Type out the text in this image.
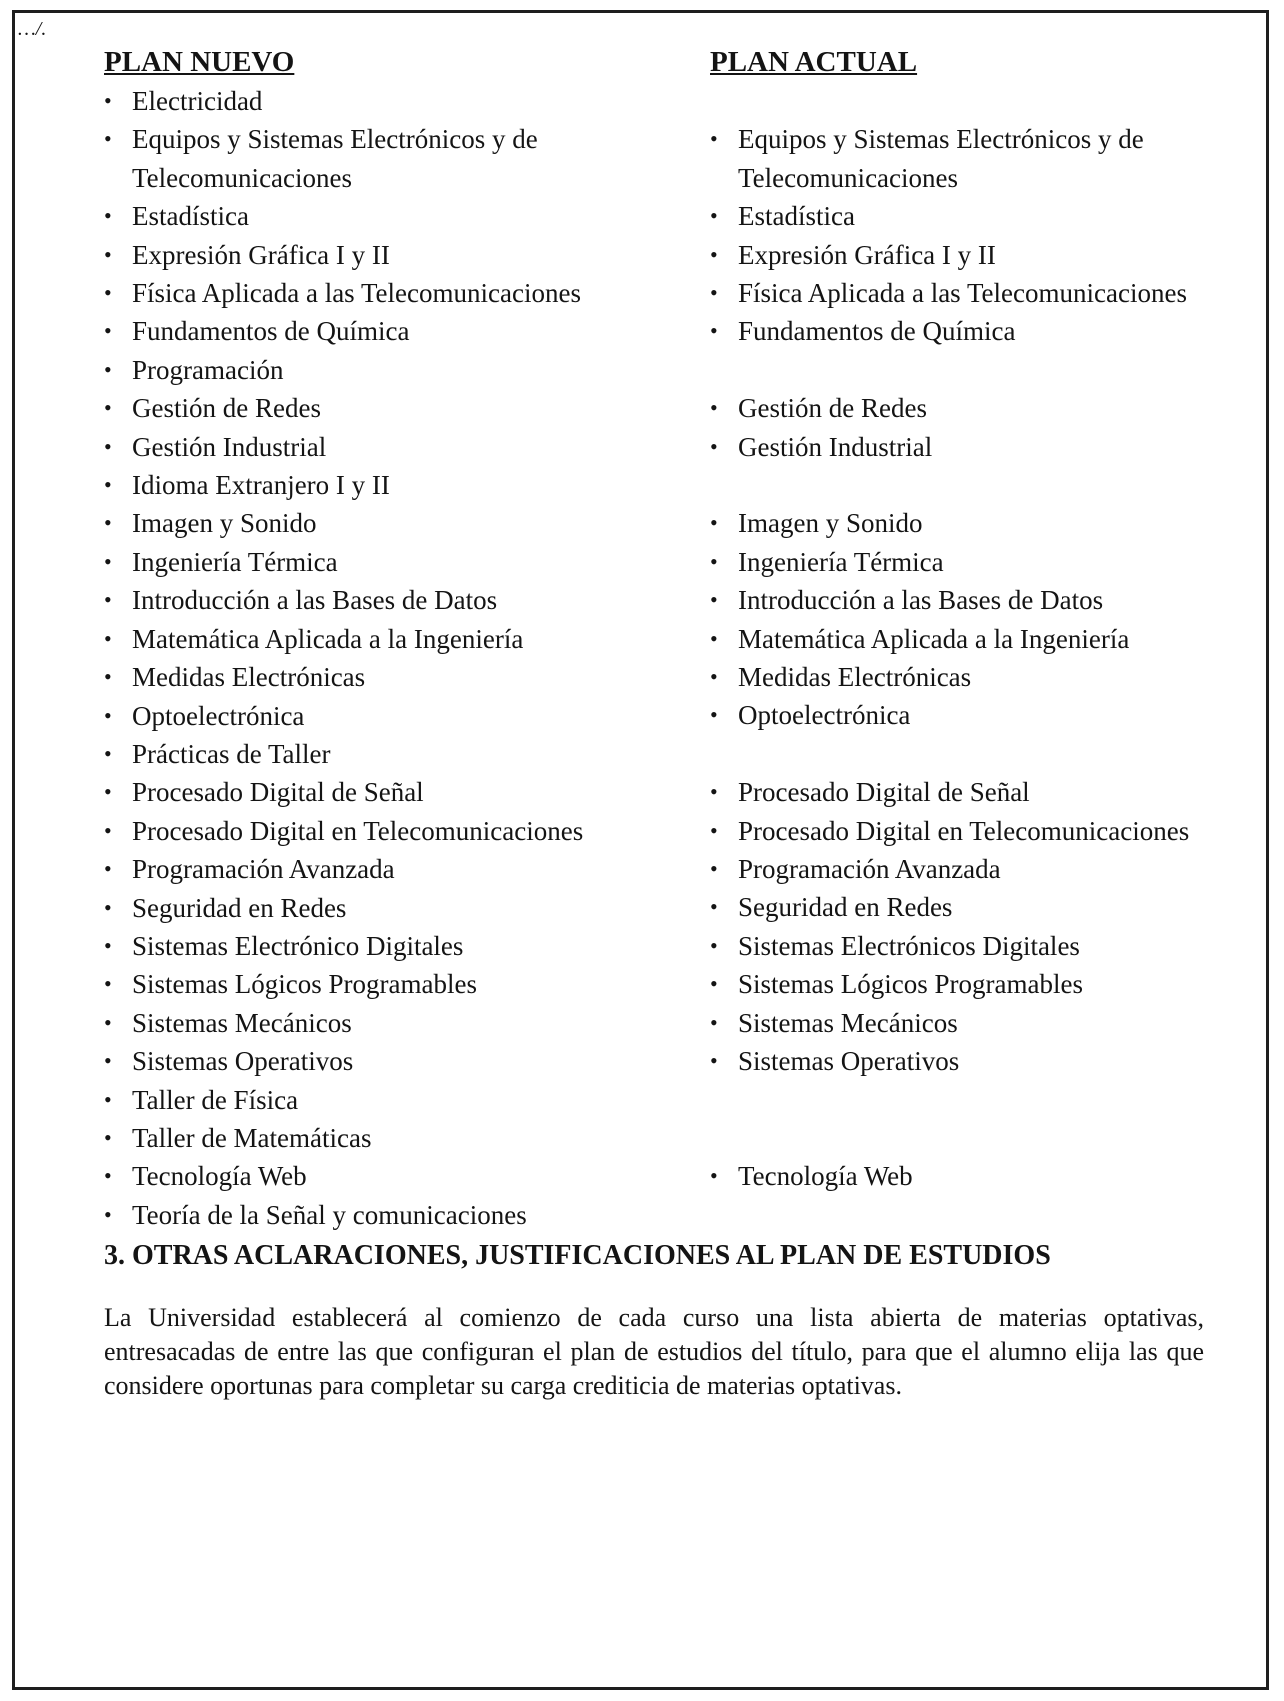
…/.
PLAN NUEVO
• Electricidad
• Equipos y Sistemas Electrónicos y de Telecomunicaciones
• Estadística
• Expresión Gráfica I y II
• Física Aplicada a las Telecomunicaciones
• Fundamentos de Química
• Programación
• Gestión de Redes
• Gestión Industrial
• Idioma Extranjero I y II
• Imagen y Sonido
• Ingeniería Térmica
• Introducción a las Bases de Datos
• Matemática Aplicada a la Ingeniería
• Medidas Electrónicas
• Optoelectrónica
• Prácticas de Taller
• Procesado Digital de Señal
• Procesado Digital en Telecomunicaciones
• Programación Avanzada
• Seguridad en Redes
• Sistemas Electrónico Digitales
• Sistemas Lógicos Programables
• Sistemas Mecánicos
• Sistemas Operativos
• Taller de Física
• Taller de Matemáticas
• Tecnología Web
• Teoría de la Señal y comunicaciones
PLAN ACTUAL
• Equipos y Sistemas Electrónicos y de Telecomunicaciones
• Estadística
• Expresión Gráfica I y II
• Física Aplicada a las Telecomunicaciones
• Fundamentos de Química
• Gestión de Redes
• Gestión Industrial
• Imagen y Sonido
• Ingeniería Térmica
• Introducción a las Bases de Datos
• Matemática Aplicada a la Ingeniería
• Medidas Electrónicas
• Optoelectrónica
• Procesado Digital de Señal
• Procesado Digital en Telecomunicaciones
• Programación Avanzada
• Seguridad en Redes
• Sistemas Electrónicos Digitales
• Sistemas Lógicos Programables
• Sistemas Mecánicos
• Sistemas Operativos
• Tecnología Web
3. OTRAS ACLARACIONES, JUSTIFICACIONES AL PLAN DE ESTUDIOS
La Universidad establecerá al comienzo de cada curso una lista abierta de materias optativas, entresacadas de entre las que configuran el plan de estudios del título, para que el alumno elija las que considere oportunas para completar su carga crediticia de materias optativas.
